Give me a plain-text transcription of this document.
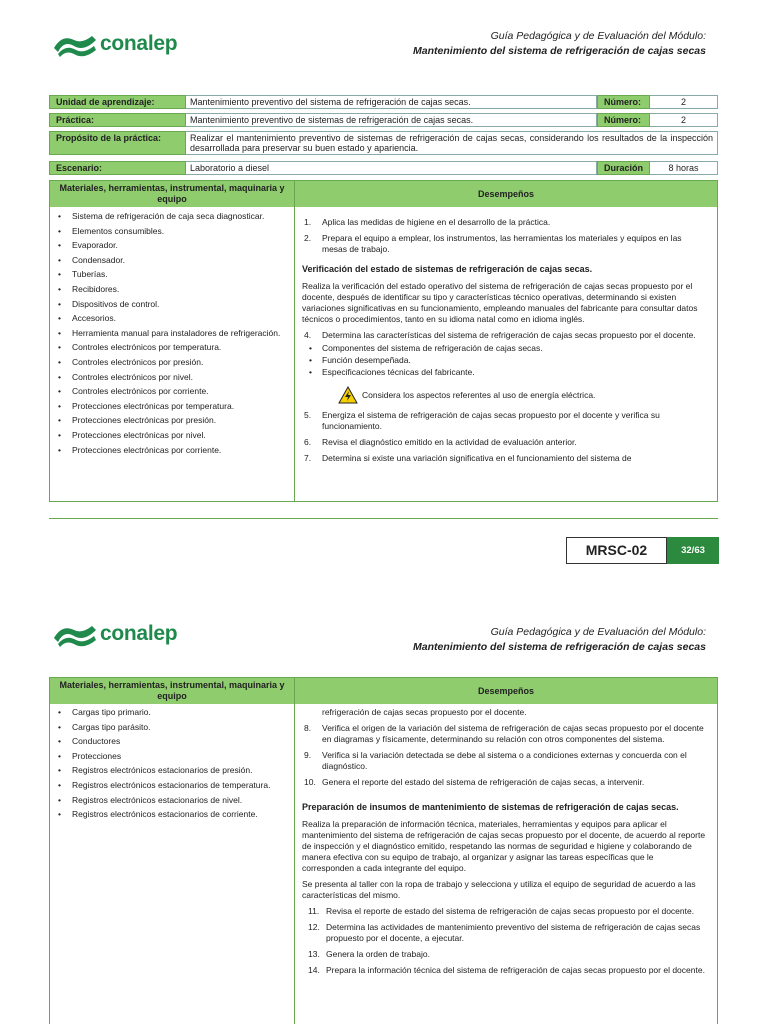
conalep	Guía Pedagógica y de Evaluación del Módulo:
Mantenimiento del sistema de refrigeración de cajas secas
Unidad de aprendizaje:	Mantenimiento preventivo del sistema de refrigeración de cajas secas.	Número:	2
Práctica:	Mantenimiento preventivo de sistemas de refrigeración de cajas secas.	Número:	2
Propósito de la práctica:	Realizar el mantenimiento preventivo de sistemas de refrigeración de cajas secas, considerando los resultados de la inspección desarrollada para preservar su buen estado y apariencia.
Escenario:	Laboratorio a diesel	Duración	8 horas
Materiales, herramientas, instrumental, maquinaria y equipo	Desempeños
• Sistema de refrigeración de caja seca diagnosticar.
• Elementos consumibles.
• Evaporador.
• Condensador.
• Tuberías.
• Recibidores.
• Dispositivos de control.
• Accesorios.
• Herramienta manual para instaladores de refrigeración.
• Controles electrónicos por temperatura.
• Controles electrónicos por presión.
• Controles electrónicos por nivel.
• Controles electrónicos por corriente.
• Protecciones electrónicas por temperatura.
• Protecciones electrónicas por presión.
• Protecciones electrónicas por nivel.
• Protecciones electrónicas por corriente.
1. Aplica las medidas de higiene en el desarrollo de la práctica.
2. Prepara el equipo a emplear, los instrumentos, las herramientas los materiales y equipos en las mesas de trabajo.
Verificación del estado de sistemas de refrigeración de cajas secas.
Realiza la verificación del estado operativo del sistema de refrigeración de cajas secas propuesto por el docente, después de identificar su tipo y características técnico operativas, determinando si existen variaciones significativas en su funcionamiento, empleando manuales del fabricante para consultar datos técnicos o procedimientos, tanto en su idioma natal como en idioma inglés.
4. Determina las características del sistema de refrigeración de cajas secas propuesto por el docente.
• Componentes del sistema de refrigeración de cajas secas.
• Función desempeñada.
• Especificaciones técnicas del fabricante.
Considera los aspectos referentes al uso de energía eléctrica.
5. Energiza el sistema de refrigeración de cajas secas propuesto por el docente y verifica su funcionamiento.
6. Revisa el diagnóstico emitido en la actividad de evaluación anterior.
7. Determina si existe una variación significativa en el funcionamiento del sistema de
MRSC-02	32/63
conalep	Guía Pedagógica y de Evaluación del Módulo:
Mantenimiento del sistema de refrigeración de cajas secas
Materiales, herramientas, instrumental, maquinaria y equipo	Desempeños
• Cargas tipo primario.
• Cargas tipo parásito.
• Conductores
• Protecciones
• Registros electrónicos estacionarios de presión.
• Registros electrónicos estacionarios de temperatura.
• Registros electrónicos estacionarios de nivel.
• Registros electrónicos estacionarios de corriente.
refrigeración de cajas secas propuesto por el docente.
8. Verifica el origen de la variación del sistema de refrigeración de cajas secas propuesto por el docente en diagramas y físicamente, determinando su relación con otros componentes del sistema.
9. Verifica si la variación detectada se debe al sistema o a condiciones externas y concuerda con el diagnóstico.
10. Genera el reporte del estado del sistema de refrigeración de cajas secas, a intervenir.
Preparación de insumos de mantenimiento de sistemas de refrigeración de cajas secas.
Realiza la preparación de información técnica, materiales, herramientas y equipos para aplicar el mantenimiento del sistema de refrigeración de cajas secas propuesto por el docente, de acuerdo al reporte de inspección y el diagnóstico emitido, respetando las normas de seguridad e higiene y colaborando de manera efectiva con su equipo de trabajo, al organizar y asignar las tareas específicas que le corresponden a cada integrante del equipo.
Se presenta al taller con la ropa de trabajo y selecciona y utiliza el equipo de seguridad de acuerdo a las características del mismo.
11. Revisa el reporte de estado del sistema de refrigeración de cajas secas propuesto por el docente.
12. Determina las actividades de mantenimiento preventivo del sistema de refrigeración de cajas secas propuesto por el docente, a ejecutar.
13. Genera la orden de trabajo.
14. Prepara la información técnica del sistema de refrigeración de cajas secas propuesto por el docente.
